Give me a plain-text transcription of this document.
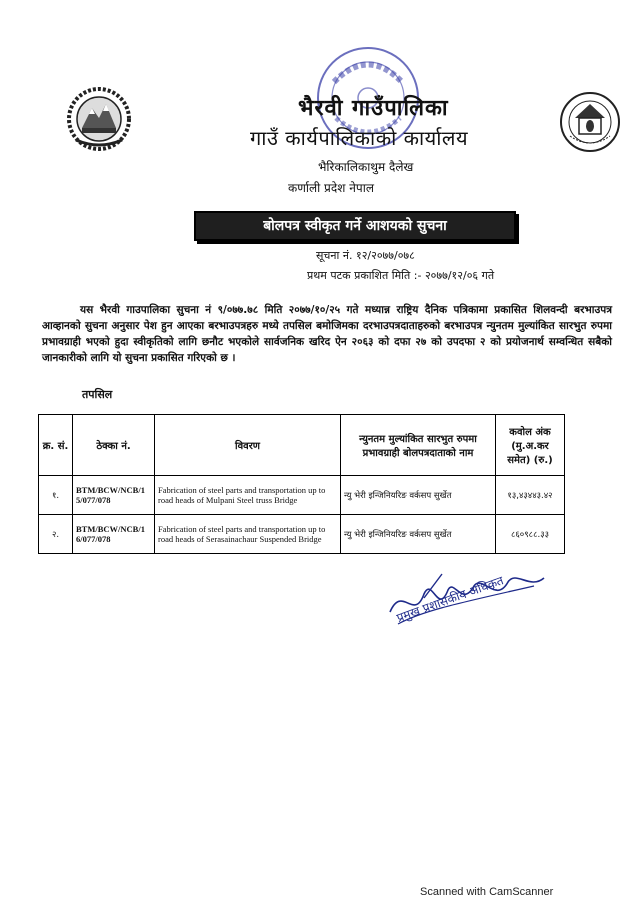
भैरवी गाउँपालिका
गाउँ कार्यपालिकाको कार्यालय
भैरिकालिकाथुम दैलेख
कर्णाली प्रदेश नेपाल
बोलपत्र स्वीकृत गर्ने आशयको सुचना
सूचना नं. १२/२०७७/०७८
प्रथम पटक प्रकाशित मिति :- २०७७/१२/०६ गते
यस भैरवी गाउपालिका सुचना नं ९/०७७.७८ मिति २०७७/१०/२५ गते मध्यान्न राष्ट्रिय दैनिक पत्रिकामा प्रकासित शिलवन्दी बरभाउपत्र आव्हानको सुचना अनुसार पेश हुन आएका बरभाउपत्रहरु मध्ये तपसिल बमोजिमका दरभाउपत्रदाताहरुको बरभाउपत्र न्युनतम मुल्यांकित सारभुत रुपमा प्रभावग्राही भएको हुदा स्वीकृतिको लागि छनौट भएकोले सार्वजनिक खरिद ऐन २०६३ को दफा २७ को उपदफा २ को प्रयोजनार्थ सम्वन्धित सबैको जानकारीको लागि यो सुचना प्रकासित गरिएको छ ।
तपसिल
क्र. सं.	ठेक्का नं.	विवरण	न्युनतम मुल्यांकित सारभुत रुपमा प्रभावग्राही बोलपत्रदाताको नाम	कवोल अंक (मु.अ.कर समेत) (रु.)
१.	BTM/BCW/NCB/1 5/077/078	Fabrication of steel parts and transportation up to road heads of Mulpani Steel truss Bridge	न्यु भेरी इन्जिनियरिङ वर्कसप सुर्खेत	१३,४३४४३.४२
२.	BTM/BCW/NCB/1 6/077/078	Fabrication of steel parts and transportation up to road heads of Serasainachaur Suspended Bridge	न्यु भेरी इन्जिनियरिङ वर्कसप सुर्खेत	८६०९८८.३३
प्रमुख प्रशासकीय अधिकृत
Scanned with CamScanner
